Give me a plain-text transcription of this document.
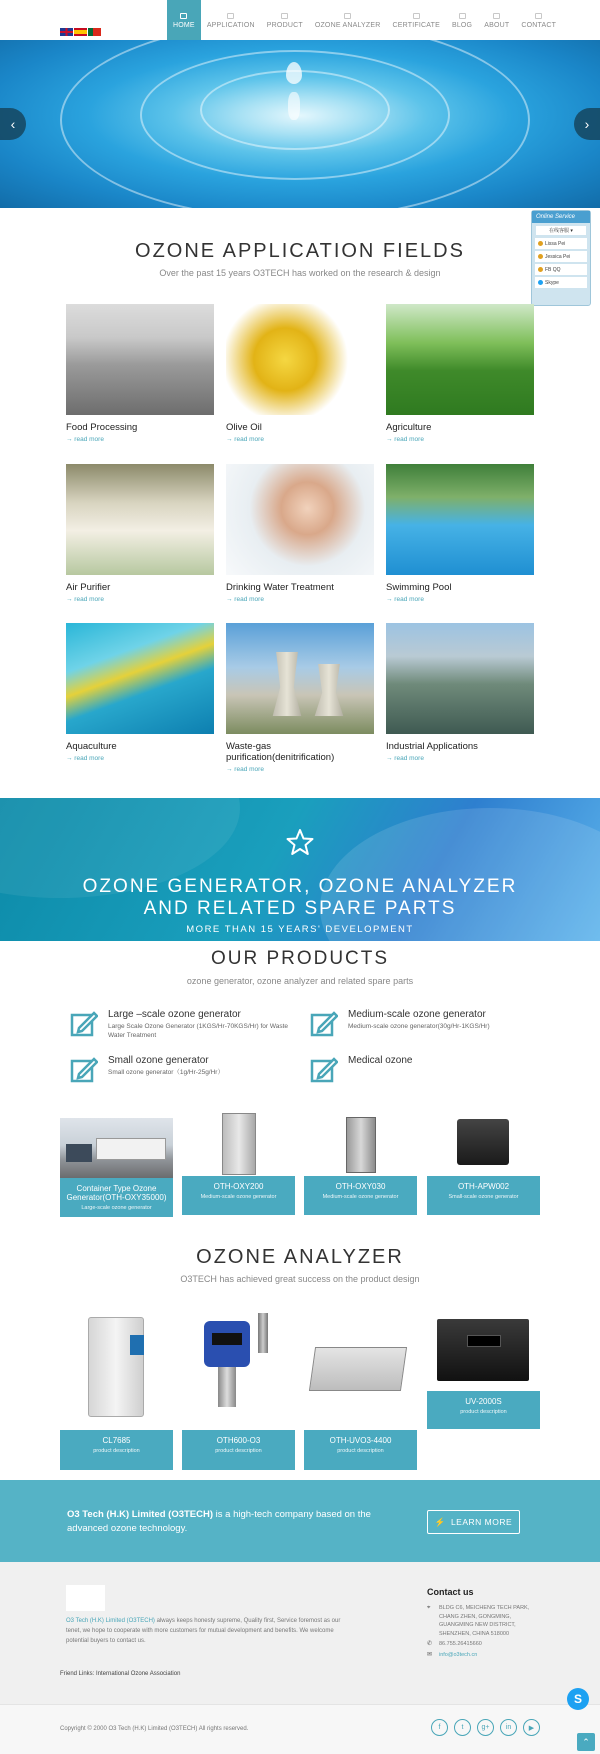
HOME APPLICATION PRODUCT OZONE ANALYZER CERTIFICATE BLOG ABOUT CONTACT
‹	›
Online Service
在线客服 ▾
Lissa Pei
Jessica Pei
FB QQ
Skype
OZONE APPLICATION FIELDS
Over the past 15 years O3TECH has worked on the research & design
Food Processing
→ read more
Olive Oil
→ read more
Agriculture
→ read more
Air Purifier
→ read more
Drinking Water Treatment
→ read more
Swimming Pool
→ read more
Aquaculture
→ read more
Waste-gas purification(denitrification)
→ read more
Industrial Applications
→ read more
OZONE GENERATOR, OZONE ANALYZER
AND RELATED SPARE PARTS
MORE THAN 15 YEARS' DEVELOPMENT
OUR PRODUCTS
ozone generator, ozone analyzer and related spare parts
Large –scale ozone generator
Large Scale Ozone Generator (1KGS/Hr-70KGS/Hr) for Waste Water Treatment
Medium-scale ozone generator
Medium-scale ozone generator(30g/Hr-1KGS/Hr)
Small ozone generator
Small ozone generator（1g/Hr-25g/Hr）
Medical ozone
Container Type Ozone Generator(OTH-OXY35000)
Large-scale ozone generator
OTH-OXY200
Medium-scale ozone generator
OTH-OXY030
Medium-scale ozone generator
OTH-APW002
Small-scale ozone generator
OZONE ANALYZER
O3TECH has achieved great success on the product design
CL7685
product description
OTH600-O3
product description
OTH-UVO3-4400
product description
UV-2000S
product description
O3 Tech (H.K) Limited (O3TECH) is a high-tech company based on the advanced ozone technology.
⚡ LEARN MORE
O3 Tech (H.K) Limited (O3TECH) always keeps honesty supreme, Quality first, Service foremost as our tenet, we hope to cooperate with more customers for mutual development and benefits. We welcome potential buyers to contact us.
Friend Links: International Ozone Association
Contact us
⌖	BLDG C6, MEICHENG TECH PARK, CHANG ZHEN, GONGMING, GUANGMING NEW DISTRICT, SHENZHEN, CHINA 518000
✆	86.755.26415660
✉	info@o3tech.cn
Copyright © 2000 O3 Tech (H.K) Limited (O3TECH) All rights reserved.	f	t	g+	in	▶
S
⌃
